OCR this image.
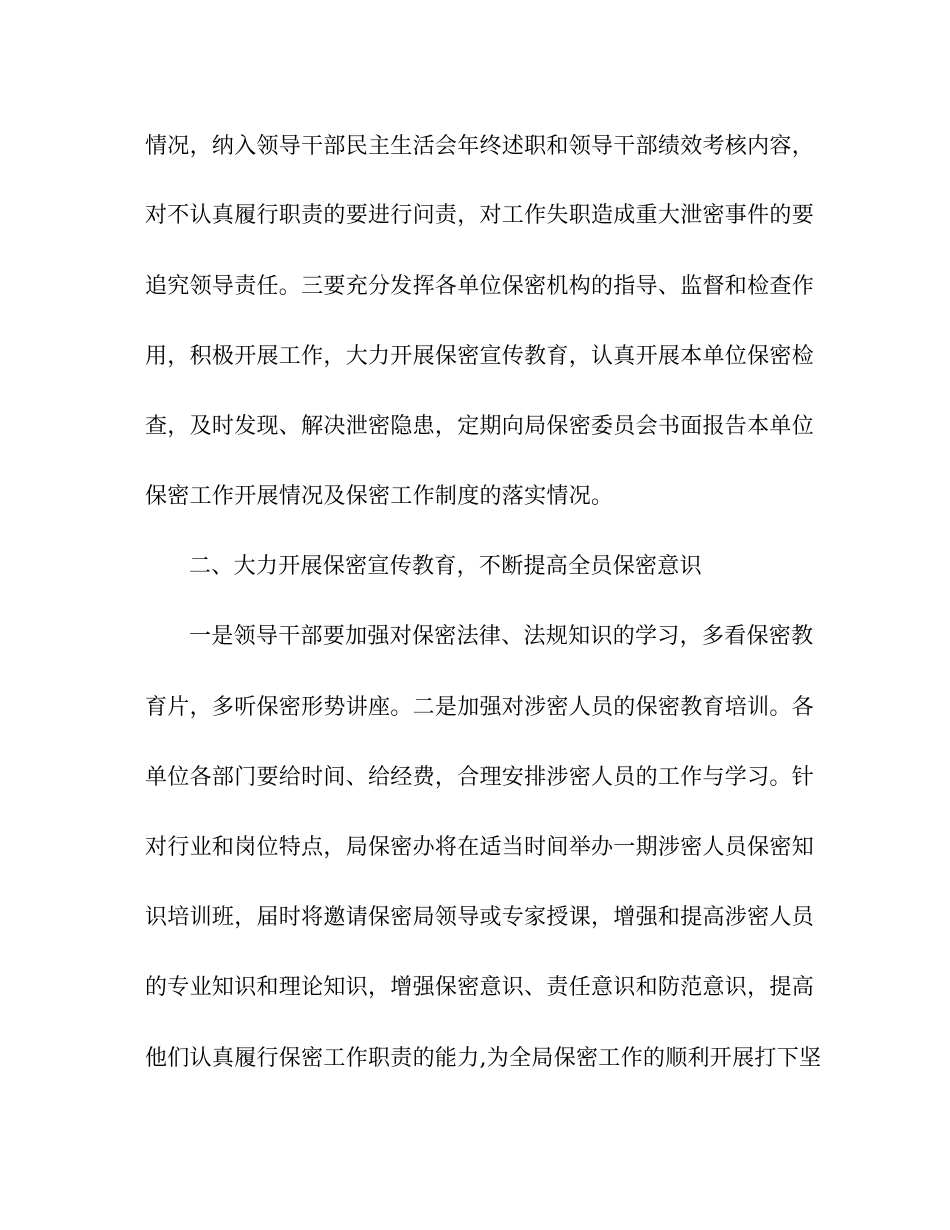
情况，纳入领导干部民主生活会年终述职和领导干部绩效考核内容，
对不认真履行职责的要进行问责，对工作失职造成重大泄密事件的要
追究领导责任。三要充分发挥各单位保密机构的指导、监督和检查作
用，积极开展工作，大力开展保密宣传教育，认真开展本单位保密检
查，及时发现、解决泄密隐患，定期向局保密委员会书面报告本单位
保密工作开展情况及保密工作制度的落实情况。
二、大力开展保密宣传教育，不断提高全员保密意识
一是领导干部要加强对保密法律、法规知识的学习，多看保密教
育片，多听保密形势讲座。二是加强对涉密人员的保密教育培训。各
单位各部门要给时间、给经费，合理安排涉密人员的工作与学习。针
对行业和岗位特点，局保密办将在适当时间举办一期涉密人员保密知
识培训班，届时将邀请保密局领导或专家授课，增强和提高涉密人员
的专业知识和理论知识，增强保密意识、责任意识和防范意识，提高
他们认真履行保密工作职责的能力,为全局保密工作的顺利开展打下坚
